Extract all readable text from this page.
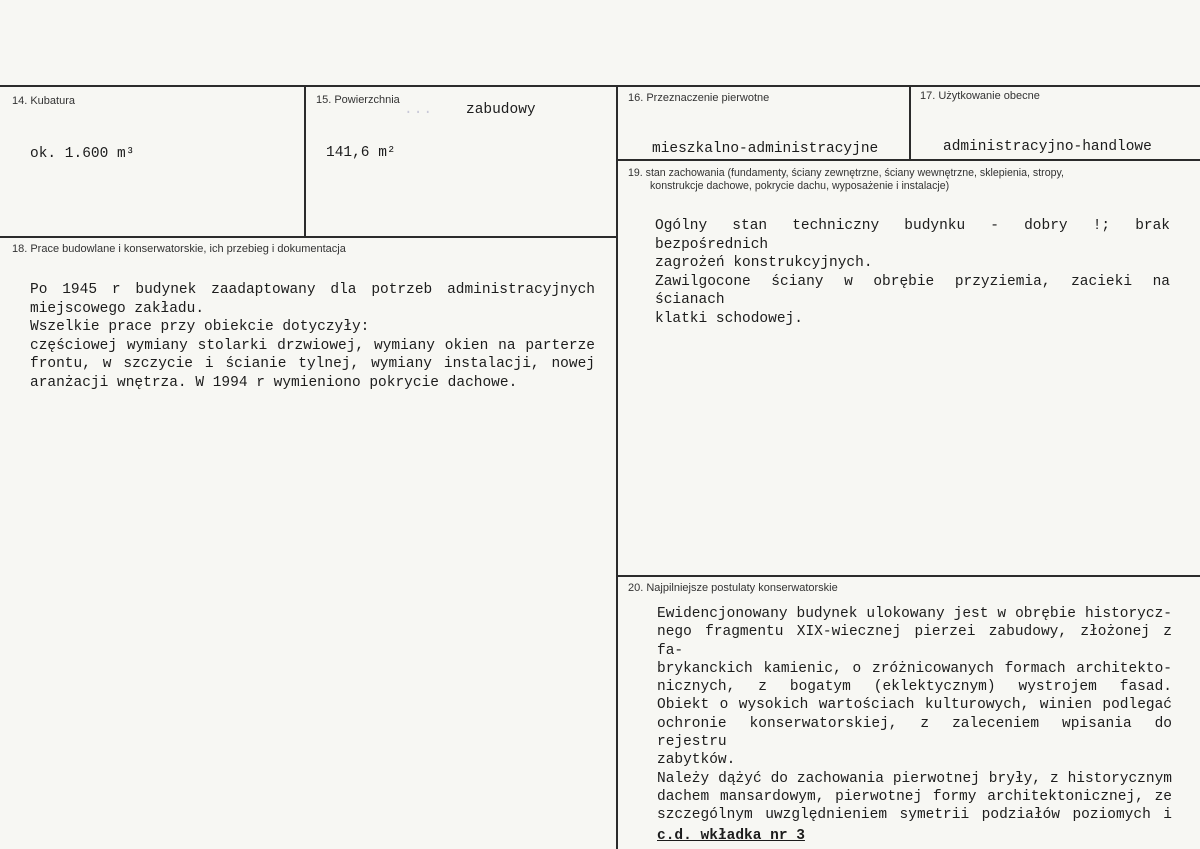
14. Kubatura
ok. 1.600 m³
15. Powierzchnia
... zabudowy
141,6 m²
16. Przeznaczenie pierwotne
mieszkalno-administracyjne
17. Użytkowanie obecne
administracyjno-handlowe
18. Prace budowlane i konserwatorskie, ich przebieg i dokumentacja
Po 1945 r budynek zaadaptowany dla potrzeb administracyjnych
miejscowego zakładu.
Wszelkie prace przy obiekcie dotyczyły:
częściowej wymiany stolarki drzwiowej, wymiany okien na parterze
frontu, w szczycie i ścianie tylnej, wymiany instalacji, nowej
aranżacji wnętrza. W 1994 r wymieniono pokrycie dachowe.
19. stan zachowania (fundamenty, ściany zewnętrzne, ściany wewnętrzne, sklepienia, stropy,
konstrukcje dachowe, pokrycie dachu, wyposażenie i instalacje)
Ogólny stan techniczny budynku - dobry !; brak bezpośrednich
zagrożeń konstrukcyjnych.
Zawilgocone ściany w obrębie przyziemia, zacieki na ścianach
klatki schodowej.
20. Najpilniejsze postulaty konserwatorskie
Ewidencjonowany budynek ulokowany jest w obrębie historycz-
nego fragmentu XIX-wiecznej pierzei zabudowy, złożonej z fa-
brykanckich kamienic, o zróżnicowanych formach architekto-
nicznych, z bogatym (eklektycznym) wystrojem fasad.
Obiekt o wysokich wartościach kulturowych, winien podlegać
ochronie konserwatorskiej, z zaleceniem wpisania do rejestru
zabytków.
Należy dążyć do zachowania pierwotnej bryły, z historycznym
dachem mansardowym, pierwotnej formy architektonicznej, ze
szczególnym uwzględnieniem symetrii podziałów poziomych i
c.d. wkładka nr 3
